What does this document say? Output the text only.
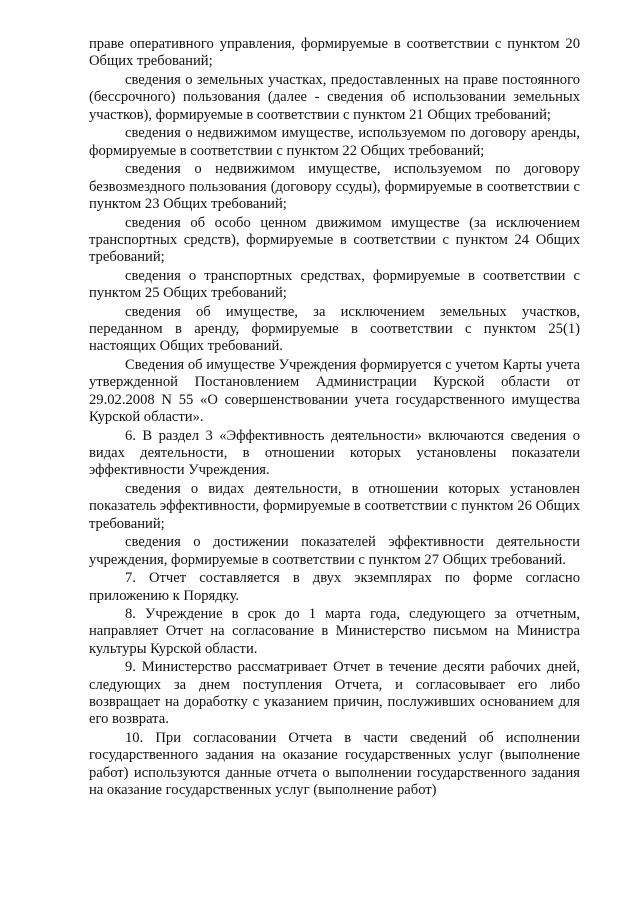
праве оперативного управления, формируемые в соответствии с пунктом 20 Общих требований;

сведения о земельных участках, предоставленных на праве постоянного (бессрочного) пользования (далее - сведения об использовании земельных участков), формируемые в соответствии с пунктом 21 Общих требований;

сведения о недвижимом имуществе, используемом по договору аренды, формируемые в соответствии с пунктом 22 Общих требований;

сведения о недвижимом имуществе, используемом по договору безвозмездного пользования (договору ссуды), формируемые в соответствии с пунктом 23 Общих требований;

сведения об особо ценном движимом имуществе (за исключением транспортных средств), формируемые в соответствии с пунктом 24 Общих требований;

сведения о транспортных средствах, формируемые в соответствии с пунктом 25 Общих требований;

сведения об имуществе, за исключением земельных участков, переданном в аренду, формируемые в соответствии с пунктом 25(1) настоящих Общих требований.

Сведения об имуществе Учреждения формируется с учетом Карты учета утвержденной Постановлением Администрации Курской области от 29.02.2008 N 55 «О совершенствовании учета государственного имущества Курской области».

6. В раздел 3 «Эффективность деятельности» включаются сведения о видах деятельности, в отношении которых установлены показатели эффективности Учреждения.

сведения о видах деятельности, в отношении которых установлен показатель эффективности, формируемые в соответствии с пунктом 26 Общих требований;

сведения о достижении показателей эффективности деятельности учреждения, формируемые в соответствии с пунктом 27 Общих требований.

7. Отчет составляется в двух экземплярах по форме согласно приложению к Порядку.

8. Учреждение в срок до 1 марта года, следующего за отчетным, направляет Отчет на согласование в Министерство письмом на Министра культуры Курской области.

9. Министерство рассматривает Отчет в течение десяти рабочих дней, следующих за днем поступления Отчета, и согласовывает его либо возвращает на доработку с указанием причин, послуживших основанием для его возврата.

10. При согласовании Отчета в части сведений об исполнении государственного задания на оказание государственных услуг (выполнение работ) используются данные отчета о выполнении государственного задания на оказание государственных услуг (выполнение работ)
